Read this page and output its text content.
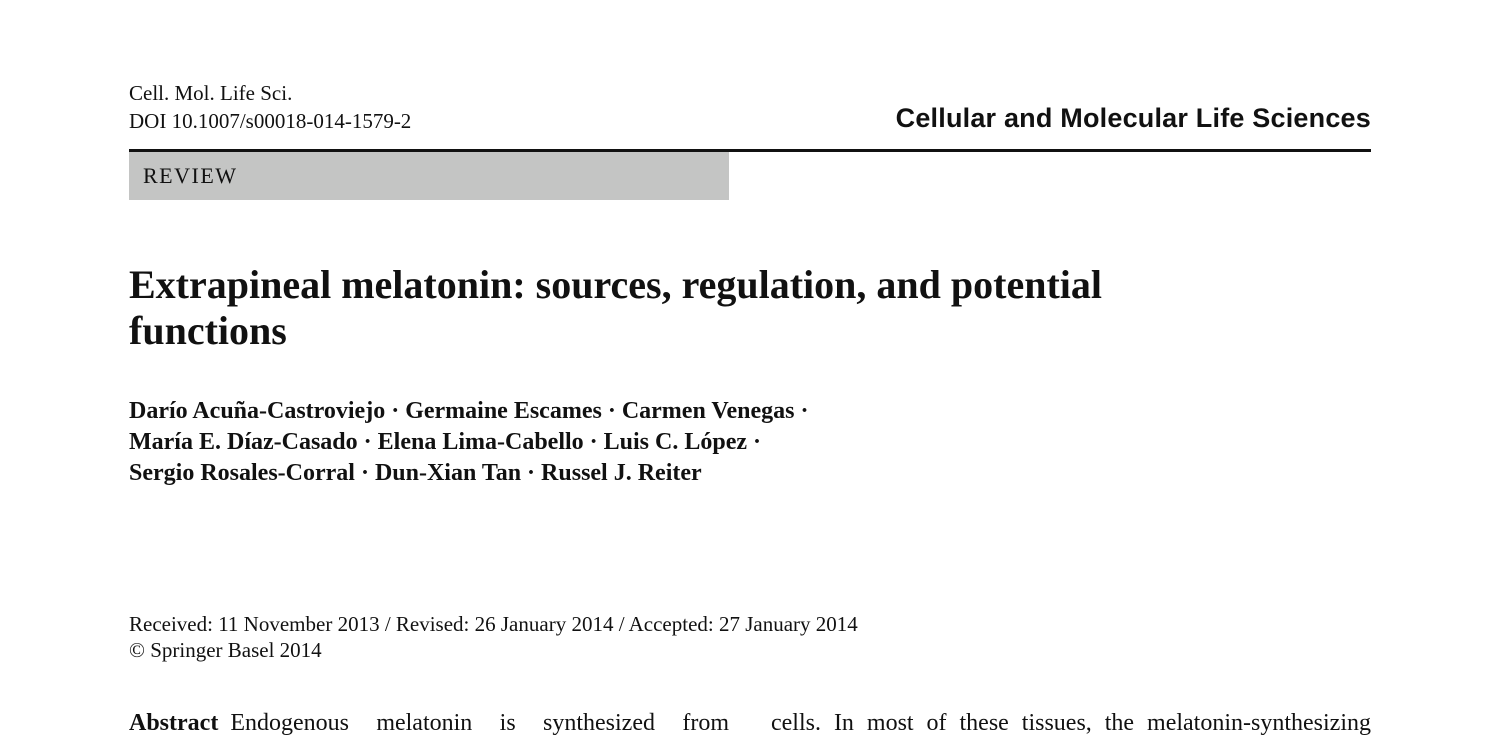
Cell. Mol. Life Sci.
DOI 10.1007/s00018-014-1579-2	Cellular and Molecular Life Sciences
REVIEW
Extrapineal melatonin: sources, regulation, and potential functions
Darío Acuña-Castroviejo · Germaine Escames · Carmen Venegas ·
María E. Díaz-Casado · Elena Lima-Cabello · Luis C. López ·
Sergio Rosales-Corral · Dun-Xian Tan · Russel J. Reiter
Received: 11 November 2013 / Revised: 26 January 2014 / Accepted: 27 January 2014
© Springer Basel 2014
Abstract Endogenous melatonin is synthesized from cells. In most of these tissues, the melatonin-synthesizing
